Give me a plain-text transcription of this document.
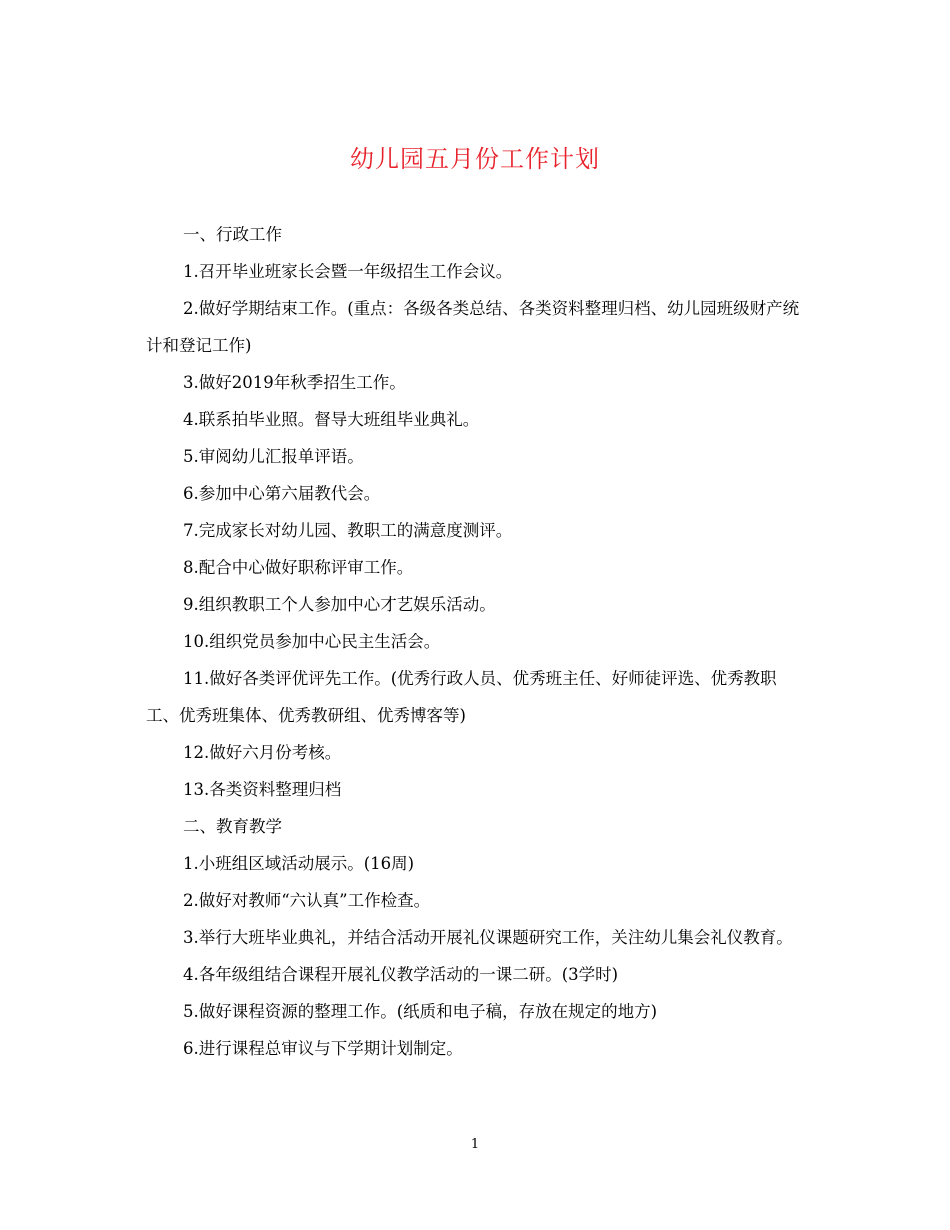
幼儿园五月份工作计划

一、行政工作

1.召开毕业班家长会暨一年级招生工作会议。

2.做好学期结束工作。(重点：各级各类总结、各类资料整理归档、幼儿园班级财产统计和登记工作)

3.做好2019年秋季招生工作。

4.联系拍毕业照。督导大班组毕业典礼。

5.审阅幼儿汇报单评语。

6.参加中心第六届教代会。

7.完成家长对幼儿园、教职工的满意度测评。

8.配合中心做好职称评审工作。

9.组织教职工个人参加中心才艺娱乐活动。

10.组织党员参加中心民主生活会。

11.做好各类评优评先工作。(优秀行政人员、优秀班主任、好师徒评选、优秀教职工、优秀班集体、优秀教研组、优秀博客等)

12.做好六月份考核。

13.各类资料整理归档

二、教育教学

1.小班组区域活动展示。(16周)

2.做好对教师“六认真”工作检查。

3.举行大班毕业典礼，并结合活动开展礼仪课题研究工作，关注幼儿集会礼仪教育。

4.各年级组结合课程开展礼仪教学活动的一课二研。(3学时)

5.做好课程资源的整理工作。(纸质和电子稿，存放在规定的地方)

6.进行课程总审议与下学期计划制定。

1
